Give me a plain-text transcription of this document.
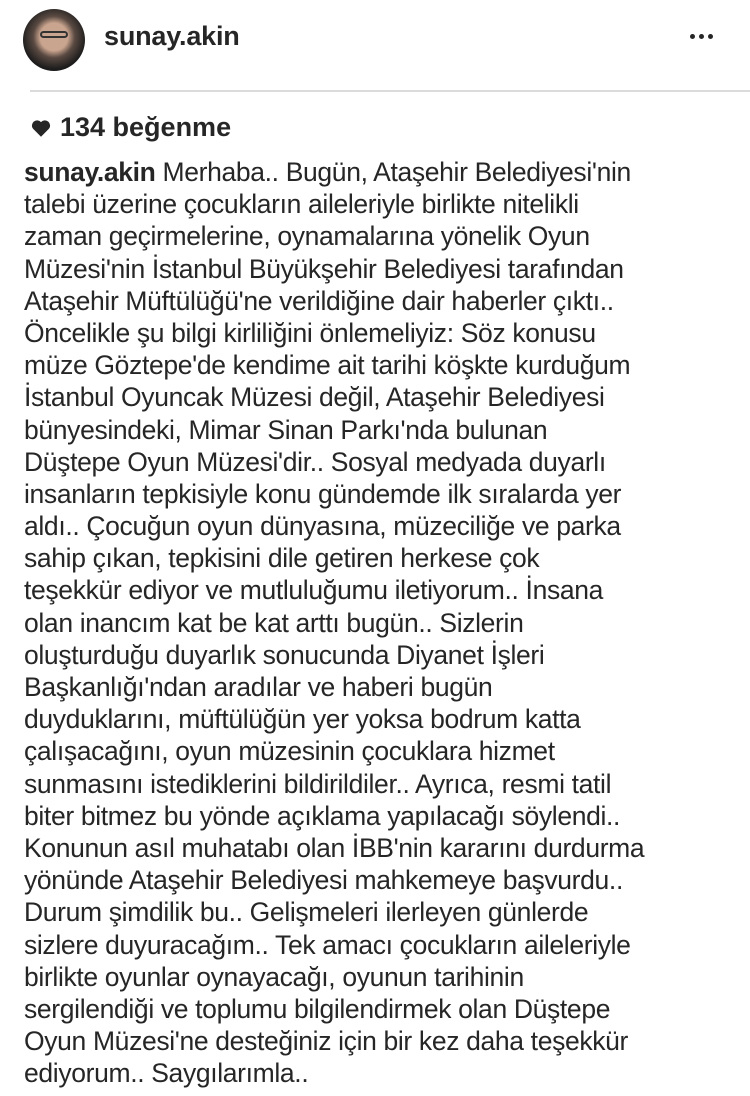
sunay.akin
134 beğenme
sunay.akin Merhaba.. Bugün, Ataşehir Belediyesi'nin
talebi üzerine çocukların aileleriyle birlikte nitelikli
zaman geçirmelerine, oynamalarına yönelik Oyun
Müzesi'nin İstanbul Büyükşehir Belediyesi tarafından
Ataşehir Müftülüğü'ne verildiğine dair haberler çıktı..
Öncelikle şu bilgi kirliliğini önlemeliyiz: Söz konusu
müze Göztepe'de kendime ait tarihi köşkte kurduğum
İstanbul Oyuncak Müzesi değil, Ataşehir Belediyesi
bünyesindeki, Mimar Sinan Parkı'nda bulunan
Düştepe Oyun Müzesi'dir.. Sosyal medyada duyarlı
insanların tepkisiyle konu gündemde ilk sıralarda yer
aldı.. Çocuğun oyun dünyasına, müzeciliğe ve parka
sahip çıkan, tepkisini dile getiren herkese çok
teşekkür ediyor ve mutluluğumu iletiyorum.. İnsana
olan inancım kat be kat arttı bugün.. Sizlerin
oluşturduğu duyarlık sonucunda Diyanet İşleri
Başkanlığı'ndan aradılar ve haberi bugün
duyduklarını, müftülüğün yer yoksa bodrum katta
çalışacağını, oyun müzesinin çocuklara hizmet
sunmasını istediklerini bildirildiler.. Ayrıca, resmi tatil
biter bitmez bu yönde açıklama yapılacağı söylendi..
Konunun asıl muhatabı olan İBB'nin kararını durdurma
yönünde Ataşehir Belediyesi mahkemeye başvurdu..
Durum şimdilik bu.. Gelişmeleri ilerleyen günlerde
sizlere duyuracağım.. Tek amacı çocukların aileleriyle
birlikte oyunlar oynayacağı, oyunun tarihinin
sergilendiği ve toplumu bilgilendirmek olan Düştepe
Oyun Müzesi'ne desteğiniz için bir kez daha teşekkür
ediyorum.. Saygılarımla..
